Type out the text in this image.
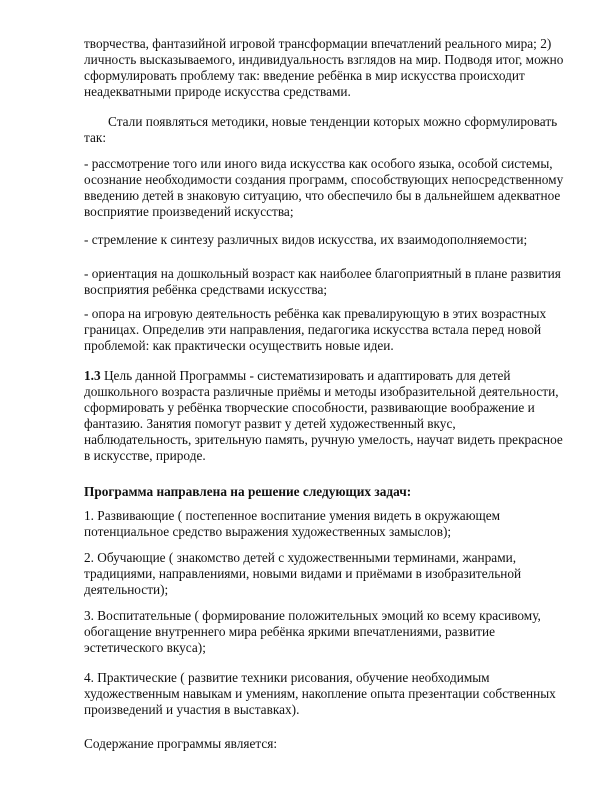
творчества, фантазийной игровой трансформации впечатлений реального мира; 2) личность высказываемого, индивидуальность взглядов на мир. Подводя итог, можно сформулировать проблему так: введение ребёнка в мир искусства происходит неадекватными природе искусства средствами.

Стали появляться методики, новые тенденции которых можно сформулировать так:

- рассмотрение того или иного вида искусства как особого языка, особой системы, осознание необходимости создания программ, способствующих непосредственному введению детей в знаковую ситуацию, что обеспечило бы в дальнейшем адекватное восприятие произведений искусства;

- стремление к синтезу различных видов искусства, их взаимодополняемости;

- ориентация на дошкольный возраст как наиболее благоприятный в плане развития восприятия ребёнка средствами искусства;

- опора на игровую деятельность ребёнка как превалирующую в этих возрастных границах. Определив эти направления, педагогика искусства встала перед новой проблемой: как практически осуществить новые идеи.

1.3 Цель данной Программы - систематизировать и адаптировать для детей дошкольного возраста различные приёмы и методы изобразительной деятельности, сформировать у ребёнка творческие способности, развивающие воображение и фантазию. Занятия помогут развит у детей художественный вкус, наблюдательность, зрительную память, ручную умелость, научат видеть прекрасное в искусстве, природе.

Программа направлена на решение следующих задач:

1. Развивающие ( постепенное воспитание умения видеть в окружающем потенциальное средство выражения художественных замыслов);

2. Обучающие ( знакомство детей с художественными терминами, жанрами, традициями, направлениями, новыми видами и приёмами в изобразительной деятельности);

3. Воспитательные ( формирование положительных эмоций ко всему красивому, обогащение внутреннего мира ребёнка яркими впечатлениями, развитие эстетического вкуса);

4. Практические ( развитие техники рисования, обучение необходимым художественным навыкам и умениям, накопление опыта презентации собственных произведений и участия в выставках).

Содержание программы является:
